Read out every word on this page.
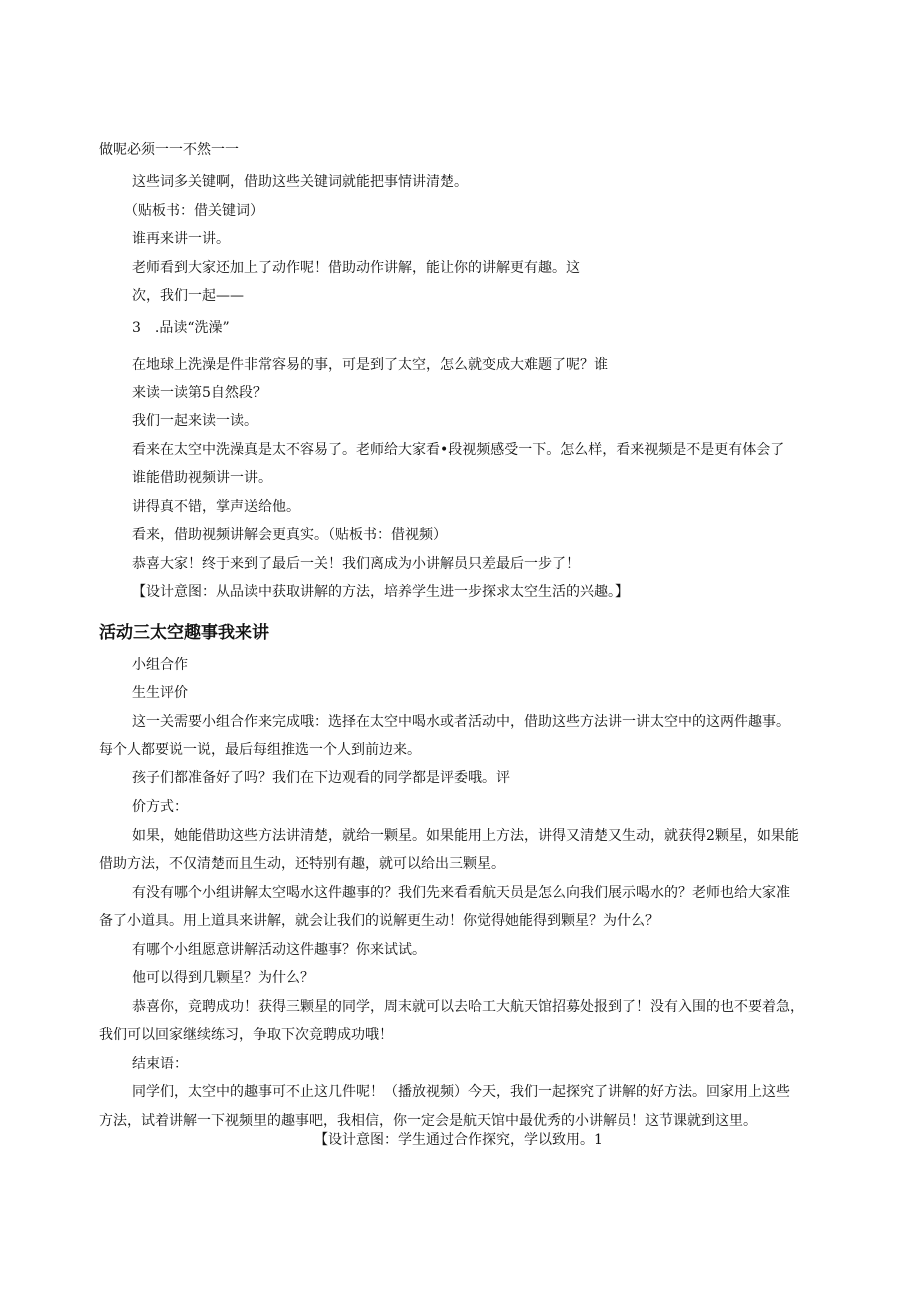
做呢必须一一不然一一

这些词多关键啊，借助这些关键词就能把事情讲清楚。

（贴板书：借关键词）

谁再来讲一讲。

老师看到大家还加上了动作呢！借助动作讲解，能让你的讲解更有趣。这

次，我们一起——

3　.品读“洗澡”

在地球上洗澡是件非常容易的事，可是到了太空，怎么就变成大难题了呢？谁

来读一读第5自然段？

我们一起来读一读。

看来在太空中洗澡真是太不容易了。老师给大家看•段视频感受一下。怎么样，看来视频是不是更有体会了

谁能借助视频讲一讲。

讲得真不错，掌声送给他。

看来，借助视频讲解会更真实。（贴板书：借视频）

恭喜大家！终于来到了最后一关！我们离成为小讲解员只差最后一步了！

【设计意图：从品读中获取讲解的方法，培养学生进一步探求太空生活的兴趣。】

活动三太空趣事我来讲

小组合作

生生评价

这一关需要小组合作来完成哦：选择在太空中喝水或者活动中，借助这些方法讲一讲太空中的这两件趣事。

每个人都要说一说，最后每组推选一个人到前边来。

孩子们都准备好了吗？我们在下边观看的同学都是评委哦。评

价方式：

如果，她能借助这些方法讲清楚，就给一颗星。如果能用上方法，讲得又清楚又生动，就获得2颗星，如果能

借助方法，不仅清楚而且生动，还特别有趣，就可以给出三颗星。

有没有哪个小组讲解太空喝水这件趣事的？我们先来看看航天员是怎么向我们展示喝水的？老师也给大家准

备了小道具。用上道具来讲解，就会让我们的说解更生动！你觉得她能得到颗星？为什么？

有哪个小组愿意讲解活动这件趣事？你来试试。

他可以得到几颗星？为什么？

恭喜你，竞聘成功！获得三颗星的同学，周末就可以去哈工大航天馆招募处报到了！没有入围的也不要着急，

我们可以回家继续练习，争取下次竞聘成功哦！

结束语：

同学们，太空中的趣事可不止这几件呢！（播放视频）今天，我们一起探究了讲解的好方法。回家用上这些

方法，试着讲解一下视频里的趣事吧，我相信，你一定会是航天馆中最优秀的小讲解员！这节课就到这里。

【设计意图：学生通过合作探究，学以致用。1
